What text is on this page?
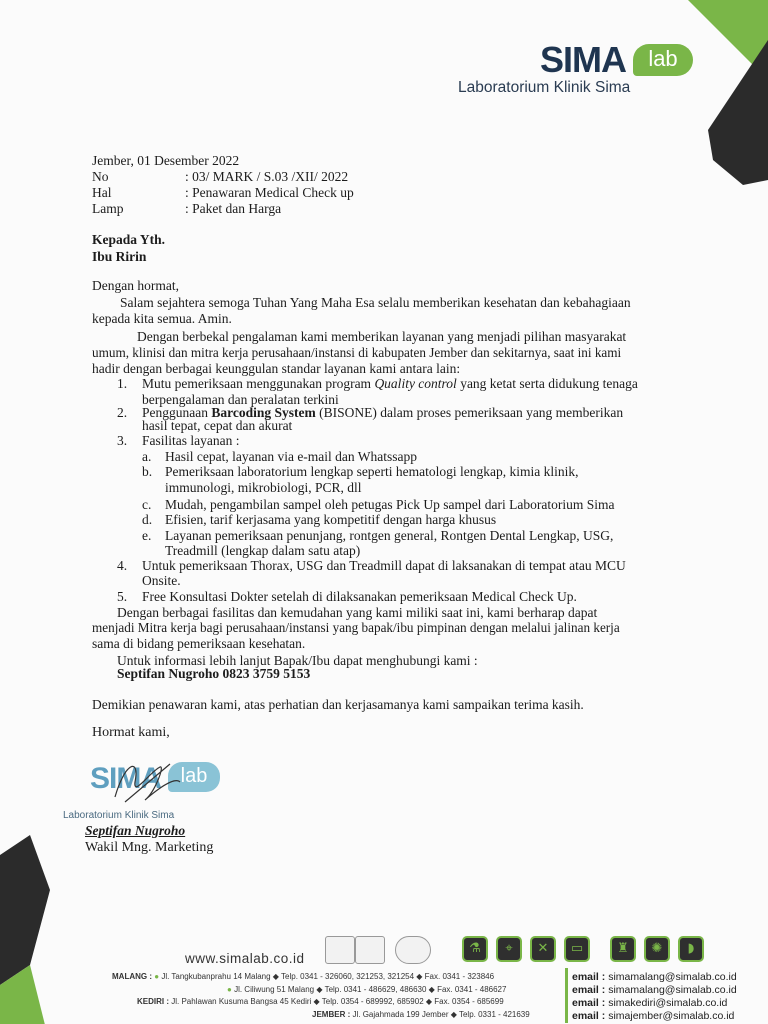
SIMA	lab
Laboratorium Klinik Sima
Jember, 01 Desember 2022
No	: 03/ MARK / S.03 /XII/ 2022
Hal	: Penawaran Medical Check up
Lamp	: Paket dan Harga
Kepada Yth.
Ibu Ririn
Dengan hormat,
Salam sejahtera semoga Tuhan Yang Maha Esa selalu memberikan kesehatan dan kebahagiaan
kepada kita semua. Amin.
Dengan berbekal pengalaman kami memberikan layanan yang menjadi pilihan masyarakat
umum, klinisi dan mitra kerja perusahaan/instansi di kabupaten Jember dan sekitarnya, saat ini kami
hadir dengan berbagai keunggulan standar layanan kami antara lain:
1. Mutu pemeriksaan menggunakan program Quality control yang ketat serta didukung tenaga
berpengalaman dan peralatan terkini
2. Penggunaan Barcoding System (BISONE) dalam proses pemeriksaan yang memberikan
hasil tepat, cepat dan akurat
3. Fasilitas layanan :
a. Hasil cepat, layanan via e-mail dan Whatssapp
b. Pemeriksaan laboratorium lengkap seperti hematologi lengkap, kimia klinik,
immunologi, mikrobiologi, PCR, dll
c. Mudah, pengambilan sampel oleh petugas Pick Up sampel dari Laboratorium Sima
d. Efisien, tarif kerjasama yang kompetitif dengan harga khusus
e. Layanan pemeriksaan penunjang, rontgen general, Rontgen Dental Lengkap, USG,
Treadmill (lengkap dalam satu atap)
4. Untuk pemeriksaan Thorax, USG dan Treadmill dapat di laksanakan di tempat atau MCU
Onsite.
5. Free Konsultasi Dokter setelah di dilaksanakan pemeriksaan Medical Check Up.
Dengan berbagai fasilitas dan kemudahan yang kami miliki saat ini, kami berharap dapat
menjadi Mitra kerja bagi perusahaan/instansi yang bapak/ibu pimpinan dengan melalui jalinan kerja
sama di bidang pemeriksaan kesehatan.
Untuk informasi lebih lanjut Bapak/Ibu dapat menghubungi kami :
Septifan Nugroho 0823 3759 5153
Demikian penawaran kami, atas perhatian dan kerjasamanya kami sampaikan terima kasih.
Hormat kami,
SIMA lab
Laboratorium Klinik Sima
Septifan Nugroho
Wakil Mng. Marketing
www.simalab.co.id
⚗	⌖	✕	▭	♜	✺	◗
MALANG : ● Jl. Tangkubanprahu 14 Malang ◆ Telp. 0341 - 326060, 321253, 321254 ◆ Fax. 0341 - 323846
● Jl. Ciliwung 51 Malang ◆ Telp. 0341 - 486629, 486630 ◆ Fax. 0341 - 486627
KEDIRI : Jl. Pahlawan Kusuma Bangsa 45 Kediri ◆ Telp. 0354 - 689992, 685902 ◆ Fax. 0354 - 685699
JEMBER : Jl. Gajahmada 199 Jember ◆ Telp. 0331 - 421639
email : simamalang@simalab.co.id
email : simamalang@simalab.co.id
email : simakediri@simalab.co.id
email : simajember@simalab.co.id
